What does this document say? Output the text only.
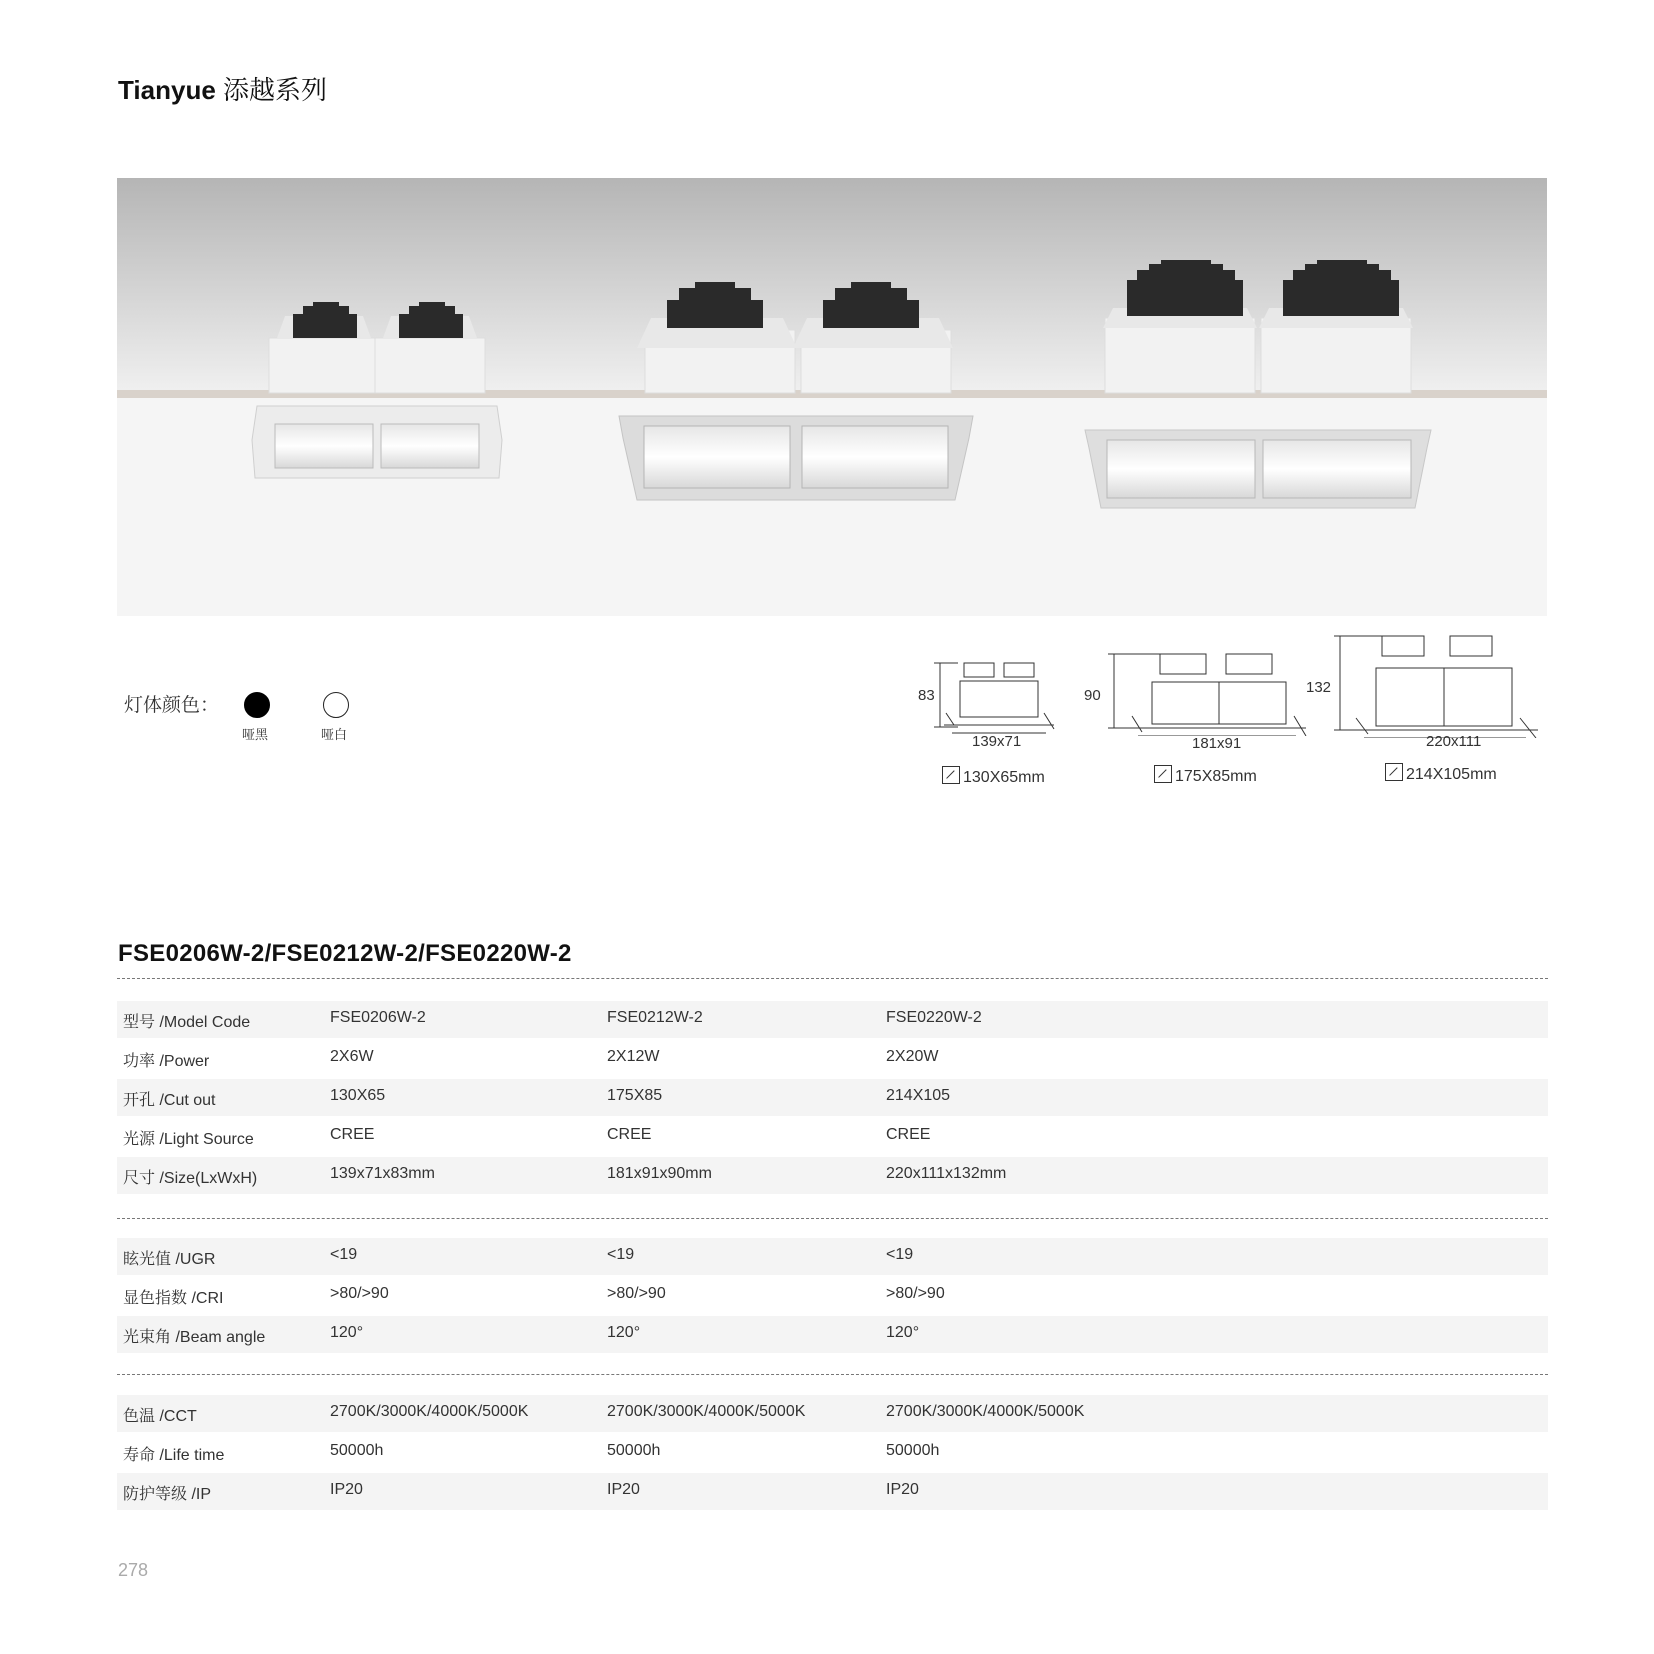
Tianyue 添越系列
灯体颜色：
哑黑	哑白
83
139x71
130X65mm
90
181x91
175X85mm
132
220x111
214X105mm
FSE0206W-2/FSE0212W-2/FSE0220W-2
型号 /Model Code	FSE0206W-2	FSE0212W-2	FSE0220W-2
功率 /Power	2X6W	2X12W	2X20W
开孔 /Cut out	130X65	175X85	214X105
光源 /Light Source	CREE	CREE	CREE
尺寸 /Size(LxWxH)	139x71x83mm	181x91x90mm	220x111x132mm
眩光值 /UGR	<19	<19	<19
显色指数 /CRI	>80/>90	>80/>90	>80/>90
光束角 /Beam angle	120°	120°	120°
色温 /CCT	2700K/3000K/4000K/5000K	2700K/3000K/4000K/5000K	2700K/3000K/4000K/5000K
寿命 /Life time	50000h	50000h	50000h
防护等级 /IP	IP20	IP20	IP20
278
